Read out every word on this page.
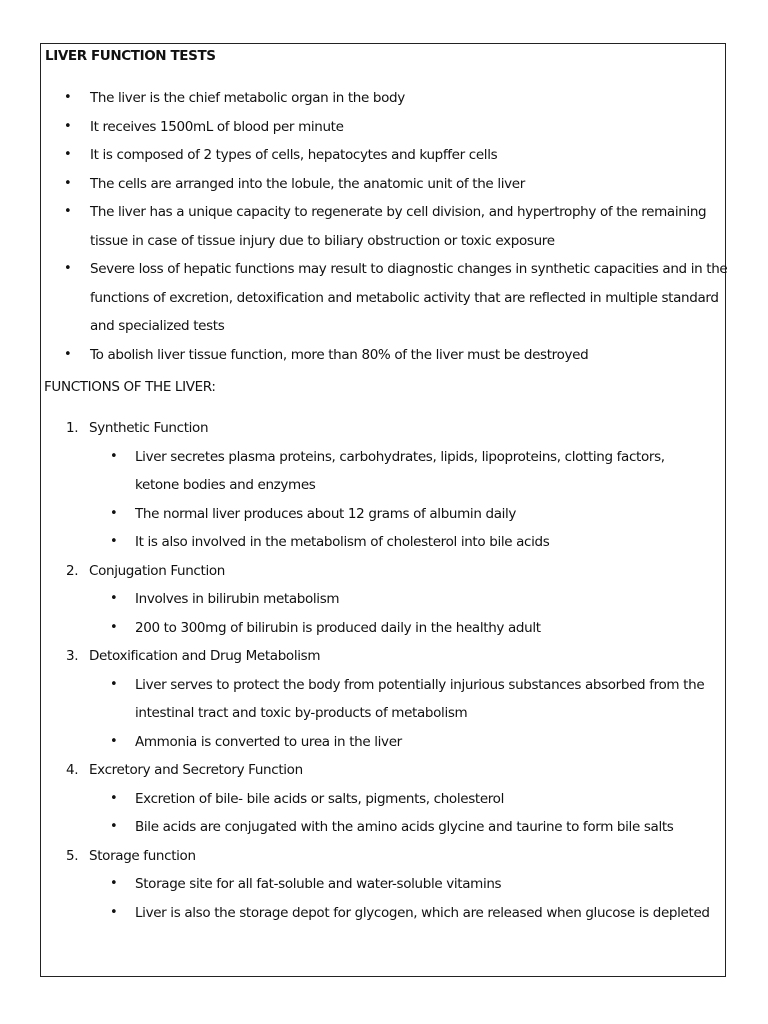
LIVER FUNCTION TESTS
• The liver is the chief metabolic organ in the body
• It receives 1500mL of blood per minute
• It is composed of 2 types of cells, hepatocytes and kupffer cells
• The cells are arranged into the lobule, the anatomic unit of the liver
• The liver has a unique capacity to regenerate by cell division, and hypertrophy of the remaining tissue in case of tissue injury due to biliary obstruction or toxic exposure
• Severe loss of hepatic functions may result to diagnostic changes in synthetic capacities and in the functions of excretion, detoxification and metabolic activity that are reflected in multiple standard and specialized tests
• To abolish liver tissue function, more than 80% of the liver must be destroyed
FUNCTIONS OF THE LIVER:
1. Synthetic Function
• Liver secretes plasma proteins, carbohydrates, lipids, lipoproteins, clotting factors, ketone bodies and enzymes
• The normal liver produces about 12 grams of albumin daily
• It is also involved in the metabolism of cholesterol into bile acids
2. Conjugation Function
• Involves in bilirubin metabolism
• 200 to 300mg of bilirubin is produced daily in the healthy adult
3. Detoxification and Drug Metabolism
• Liver serves to protect the body from potentially injurious substances absorbed from the intestinal tract and toxic by-products of metabolism
• Ammonia is converted to urea in the liver
4. Excretory and Secretory Function
• Excretion of bile- bile acids or salts, pigments, cholesterol
• Bile acids are conjugated with the amino acids glycine and taurine to form bile salts
5. Storage function
• Storage site for all fat-soluble and water-soluble vitamins
• Liver is also the storage depot for glycogen, which are released when glucose is depleted
